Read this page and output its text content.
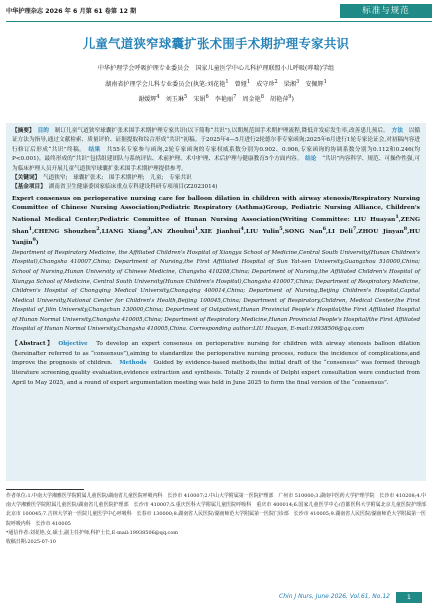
中华护理杂志 2026 年 6 月第 61 卷第 12 期	标准与规范
儿童气道狭窄球囊扩张术围手术期护理专家共识
中华护理学会呼吸护理专业委员会　国家儿童医学中心儿科护理联盟小儿呼吸(哮喘)学组
湖南省护理学会儿科专业委员会(执笔:刘花艳$^1$　曾娅$^1$　成守珍$^2$　梁湘$^3$　安佩辉$^1$
谢媛辉$^4$　刘玉琳$^5$　宋娟$^6$　李艳丽$^7$　周金艳$^8$　胡艳萍$^9$)
【摘要】　 目的　 制订儿童气道狭窄球囊扩张术围手术期护理专家共识(以下简称“共识”),以期规范围手术期护理流程,降低并发症发生率,改善患儿预后。　 方法　 以循证方法为指导,通过文献检索、质量评价、证据提取和综合形成“共识”初稿。于2025年4—5月进行2轮德尔菲专家函询;2025年6月进行1轮专家论证会,对初稿内容进行修订后形成“共识”终稿。　 结果　 共55名专家参与函询,2轮专家函询的专家权威系数分别为0.902、0.906,专家函询的协调系数分别为0.112和0.246(均P<0.001)。最终形成的“共识”包括组建团队与系统评估、术前护理、术中护理、术后护理与健康教育5个方面内容。　 结论　 “共识”内容科学、规范、可操作性强,可为临床护理人员开展儿童气道狭窄球囊扩张术围手术期护理提供参考。
【关键词】　 气道狭窄;　球囊扩张术;　围手术期护理;　儿童;　专家共识
【基金项目】　 湖南省卫生健康委国家临床重点专科建设科研专项项目(Z2023014)
Expert consensus on perioperative nursing care for balloon dilation in children with airway stenosis/Respiratory Nursing Committee of Chinese Nursing Association;Pediatric Respiratory (Asthma)Group, Pediatric Nursing Alliance, Children's National Medical Center;Pediatric Committee of Hunan Nursing Association(Writing Committee: LIU Huayan$^1$,ZENG Shan$^1$,CHENG Shouzhen$^2$,LIANG Xiang$^3$,AN Zhouhui$^1$,XIE Jianhui$^4$,LIU Yulin$^5$,SONG Nan$^6$,LI Deli$^7$,ZHOU Jinyan$^8$,HU Yanjin$^9$)
Department of Respiratory Medicine, the Affiliated Children's Hospital of Xiangya School of Medicine,Central South University(Hunan Children's Hospital),Changsha 410007,China; Department of Nursing,the First Affiliated Hospital of Sun Yat-sen University,Guangzhou 510000,China; School of Nursing,Hunan University of Chinese Medicine, Changsha 410208,China; Department of Nursing,the Affiliated Children's Hospital of Xiangya School of Medicine, Central South University(Hunan Children's Hospital),Changsha 410007,China; Department of Respiratory Medicine, Children's Hospital of Chongqing Medical University,Chongqing 400014,China; Department of Nursing,Beijing Children's Hospital,Capital Medical University,National Center for Children's Health,Beijing 100045,China; Department of Respiratory,Children, Medical Center,the First Hospital of Jilin University,Changchun 130000,China; Department of Outpatient,Hunan Provincial People's Hospital/the First Affiliated Hospital of Hunan Normal University,Changsha 410005,China; Department of Respiratory Medicine,Hunan Provincial People's Hospital/the First Affiliated Hospital of Hunan Normal University,Changsha 410005,China. Corresponding author:LIU Huayan, E-mail:19938506@qq.com
【Abstract】　 Objective　 To develop an expert consensus on perioperative nursing for children with airway stenosis balloon dilation (hereinafter referred to as “consensus”),aiming to standardize the perioperative nursing process, reduce the incidence of complications,and improve the prognosis of children.　 Methods　 Guided by evidence-based methods,the initial draft of the “consensus” was formed through literature screening,quality evaluation,evidence extraction and synthesis. Totally 2 rounds of Delphi expert consultation were conducted from April to May 2025, and a round of expert argumentation meeting was held in June 2025 to form the final version of the “consensus”.
作者单位:1.中南大学湘雅医学院附属儿童医院/湖南省儿童医院呼吸内科　长沙市 410007;2.中山大学附属第一医院护理部　广州市 510000;3.湖南中医药大学护理学院　长沙市 410208;4.中南大学湘雅医学院附属儿童医院/湖南省儿童医院护理部　长沙市 410007;5.重庆医科大学附属儿童医院呼吸科　重庆市 400014;6.国家儿童医学中心/首都医科大学附属北京儿童医院护理部　北京市 100045;7.吉林大学第一医院儿童医学中心呼吸科　长春市 130000;8.湖南省人民医院/湖南师范大学附属第一医院门诊部　长沙市 410005;9.湖南省人民医院/湖南师范大学附属第一医院呼吸内科　长沙市 410005
*通信作者:刘花艳,女,硕士,副主任护师,科护士长,E-mail:19938506@qq.com
收稿日期:2025-07-10
Chin J Nurs, June 2026, Vol.61, No.12	1
